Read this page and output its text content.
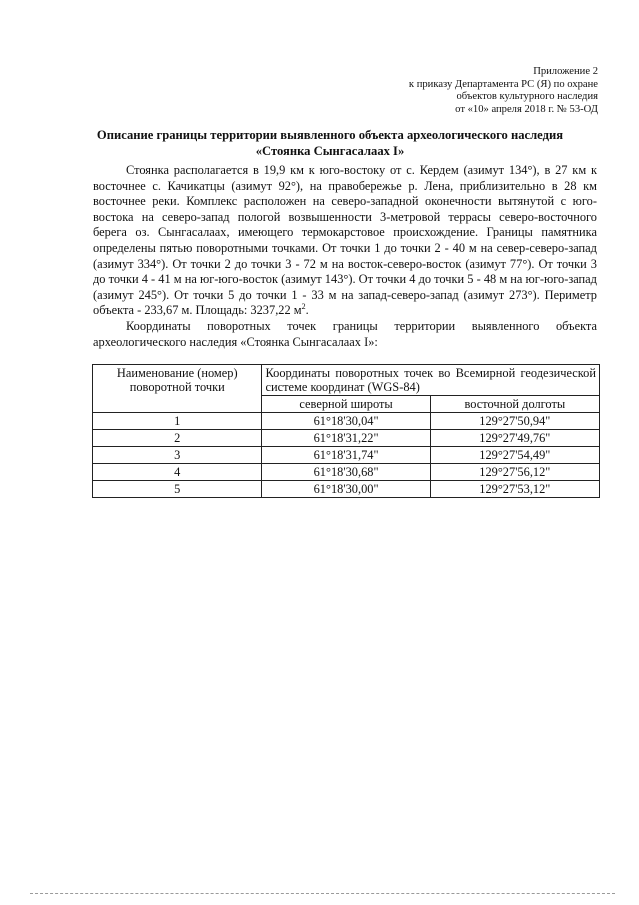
Приложение 2
к приказу Департамента РС (Я) по охране
объектов культурного наследия
от «10» апреля 2018 г. № 53-ОД
Описание границы территории выявленного объекта археологического наследия
«Стоянка Сынгасалаах I»

Стоянка располагается в 19,9 км к юго-востоку от с. Кердем (азимут 134°), в 27 км к восточнее с. Качикатцы (азимут 92°), на правобережье р. Лена, приблизительно в 28 км восточнее реки. Комплекс расположен на северо-западной оконечности вытянутой с юго-востока на северо-запад пологой возвышенности 3-метровой террасы северо-восточного берега оз. Сынгасалаах, имеющего термокарстовое происхождение. Границы памятника определены пятью поворотными точками. От точки 1 до точки 2 - 40 м на север-северо-запад (азимут 334°). От точки 2 до точки 3 - 72 м на восток-северо-восток (азимут 77°). От точки 3 до точки 4 - 41 м на юг-юго-восток (азимут 143°). От точки 4 до точки 5 - 48 м на юг-юго-запад (азимут 245°). От точки 5 до точки 1 - 33 м на запад-северо-запад (азимут 273°). Периметр объекта - 233,67 м. Площадь: 3237,22 $м^2$.

Координаты поворотных точек границы территории выявленного объекта археологического наследия «Стоянка Сынгасалаах I»:

Наименование (номер) поворотной точки	Координаты поворотных точек во Всемирной геодезической системе координат (WGS-84)	
	северной широты	восточной долготы
1	61°18'30,04"	129°27'50,94"
2	61°18'31,22"	129°27'49,76"
3	61°18'31,74"	129°27'54,49"
4	61°18'30,68"	129°27'56,12"
5	61°18'30,00"	129°27'53,12"
